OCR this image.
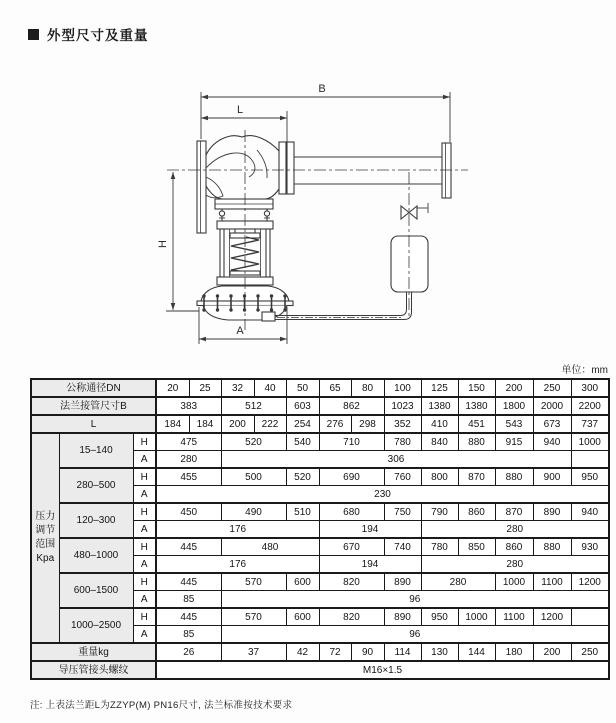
外型尺寸及重量
B
L
H
A
单位：mm
公称通径DN			20	25	32	40	50	65	80	100	125	150	200	250	300
法兰接管尺寸B			383		512		603	862		1023	1380	1380	1800	2000	2200
L			184	184	200	222	254	276	298	352	410	451	543	673	737
压力调节范围Kpa	15–140	H	475		520		540	710		780	840	880	915	940	1000
		A	280		306										
	280–500	H	455		500		520	690		760	800	870	880	900	950
		A	230												
	120–300	H	450		490		510	680		750	790	860	870	890	940
		A	176					194			280				
	480–1000	H	445		480			670		740	780	850	860	880	930
		A	176					194			280				
	600–1500	H	445		570		600	820		890	280		1000	1100	1200
		A	85		96										
	1000–2500	H	445		570		600	820		890	950	1000	1100	1200	
		A	85		96										
重量kg			26		37		42	72	90	114	130	144	180	200	250
导压管接头螺纹			M16×1.5												
注: 上表法兰距L为ZZYP(M) PN16尺寸, 法兰标准按技术要求
